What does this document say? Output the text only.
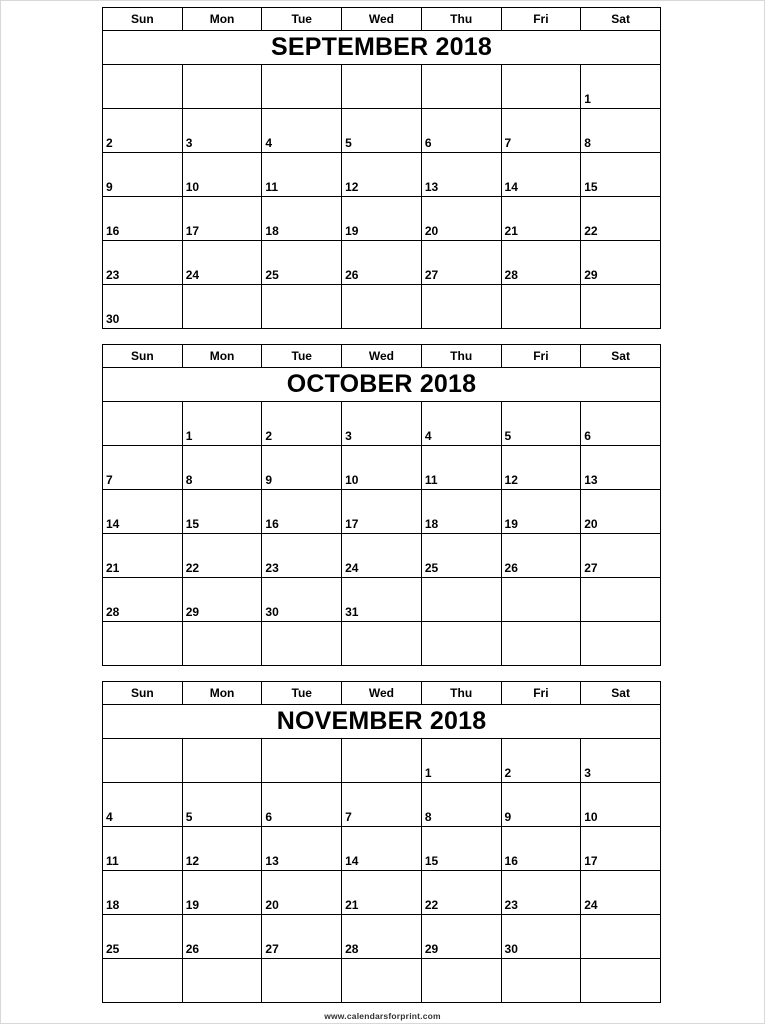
Sun	Mon	Tue	Wed	Thu	Fri	Sat
SEPTEMBER 2018						

						1

2	3	4	5	6	7	8

9	10	11	12	13	14	15

16	17	18	19	20	21	22

23	24	25	26	27	28	29

30						

Sun	Mon	Tue	Wed	Thu	Fri	Sat
OCTOBER 2018						

	1	2	3	4	5	6

7	8	9	10	11	12	13

14	15	16	17	18	19	20

21	22	23	24	25	26	27

28	29	30	31			

Sun	Mon	Tue	Wed	Thu	Fri	Sat
NOVEMBER 2018						

				1	2	3

4	5	6	7	8	9	10

11	12	13	14	15	16	17

18	19	20	21	22	23	24

25	26	27	28	29	30	

www.calendarsforprint.com
